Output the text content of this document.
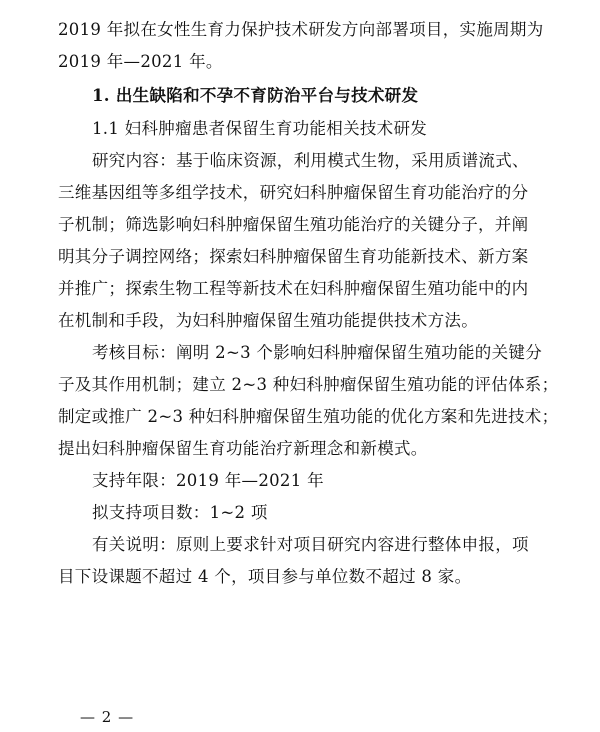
2019 年拟在女性生育力保护技术研发方向部署项目，实施周期为
2019 年—2021 年。
1. 出生缺陷和不孕不育防治平台与技术研发
1.1 妇科肿瘤患者保留生育功能相关技术研发
研究内容：基于临床资源，利用模式生物，采用质谱流式、
三维基因组等多组学技术，研究妇科肿瘤保留生育功能治疗的分
子机制；筛选影响妇科肿瘤保留生殖功能治疗的关键分子，并阐
明其分子调控网络；探索妇科肿瘤保留生育功能新技术、新方案
并推广；探索生物工程等新技术在妇科肿瘤保留生殖功能中的内
在机制和手段，为妇科肿瘤保留生殖功能提供技术方法。
考核目标：阐明 2~3 个影响妇科肿瘤保留生殖功能的关键分
子及其作用机制；建立 2~3 种妇科肿瘤保留生殖功能的评估体系；
制定或推广 2~3 种妇科肿瘤保留生殖功能的优化方案和先进技术；
提出妇科肿瘤保留生育功能治疗新理念和新模式。
支持年限：2019 年—2021 年
拟支持项目数：1~2 项
有关说明：原则上要求针对项目研究内容进行整体申报，项
目下设课题不超过 4 个，项目参与单位数不超过 8 家。
— 2 —
